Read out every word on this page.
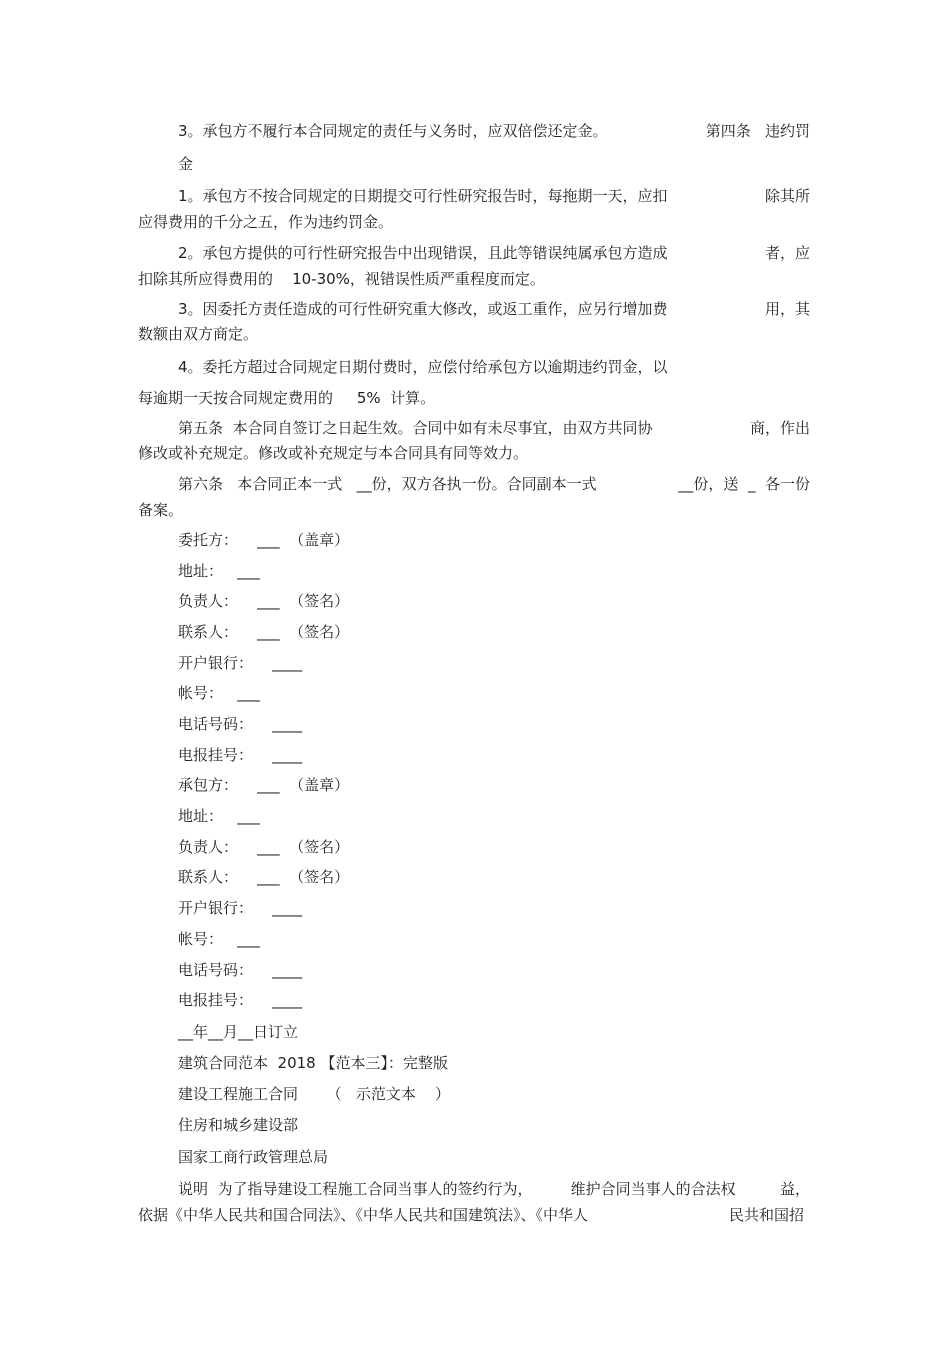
3。承包方不履行本合同规定的责任与义务时，应双倍偿还定金。	第四条   违约罚
金
1。承包方不按合同规定的日期提交可行性研究报告时，每拖期一天，应扣	除其所
应得费用的千分之五，作为违约罚金。
2。承包方提供的可行性研究报告中出现错误，且此等错误纯属承包方造成	者，应
扣除其所应得费用的    10-30%，视错误性质严重程度而定。
3。因委托方责任造成的可行性研究重大修改，或返工重作，应另行增加费	用，其
数额由双方商定。
4。委托方超过合同规定日期付费时，应偿付给承包方以逾期违约罚金，以
每逾期一天按合同规定费用的     5%  计算。
第五条  本合同自签订之日起生效。合同中如有未尽事宜，由双方共同协	商，作出
修改或补充规定。修改或补充规定与本合同具有同等效力。
第六条   本合同正本一式   __份，双方各执一份。合同副本一式	__份，送  _  各一份
备案。
委托方：    ___  （盖章）
地址：   ___
负责人：    ___  （签名）
联系人：    ___  （签名）
开户银行：    ____
帐号：   ___
电话号码：    ____
电报挂号：    ____
承包方：    ___  （盖章）
地址：   ___
负责人：    ___  （签名）
联系人：    ___  （签名）
开户银行：    ____
帐号：   ___
电话号码：    ____
电报挂号：    ____
__年__月__日订立
建筑合同范本  2018 【范本三】：完整版
建设工程施工合同      （   示范文本    ）
住房和城乡建设部
国家工商行政管理总局
说明  为了指导建设工程施工合同当事人的签约行为，        维护合同当事人的合法权	益，
依据《中华人民共和国合同法》、《中华人民共和国建筑法》、《中华人	民共和国招
